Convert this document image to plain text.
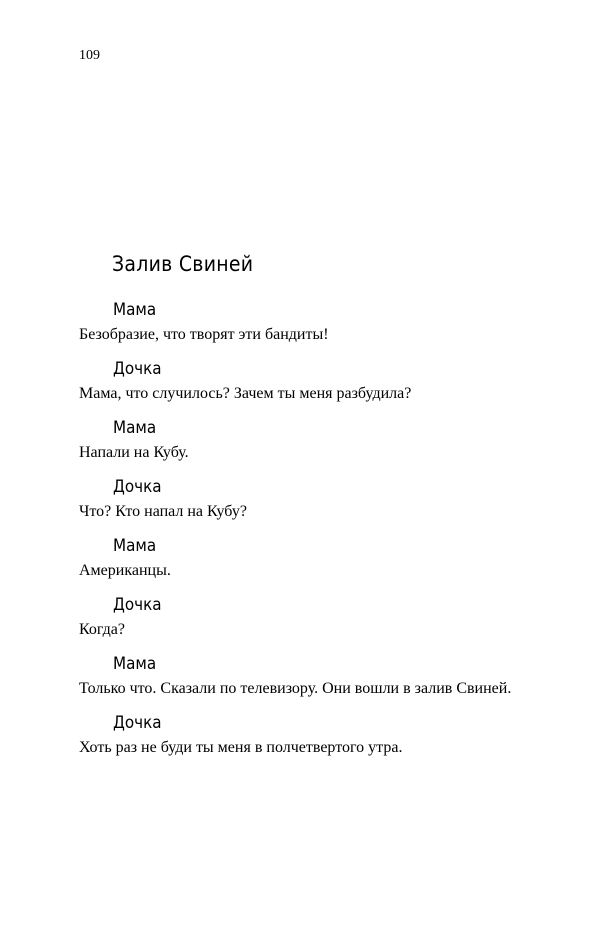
109
Залив Свиней
Мама
Безобразие, что творят эти бандиты!
Дочка
Мама, что случилось? Зачем ты меня разбудила?
Мама
Напали на Кубу.
Дочка
Что? Кто напал на Кубу?
Мама
Американцы.
Дочка
Когда?
Мама
Только что. Сказали по телевизору. Они вошли в залив Свиней.
Дочка
Хоть раз не буди ты меня в полчетвертого утра.
